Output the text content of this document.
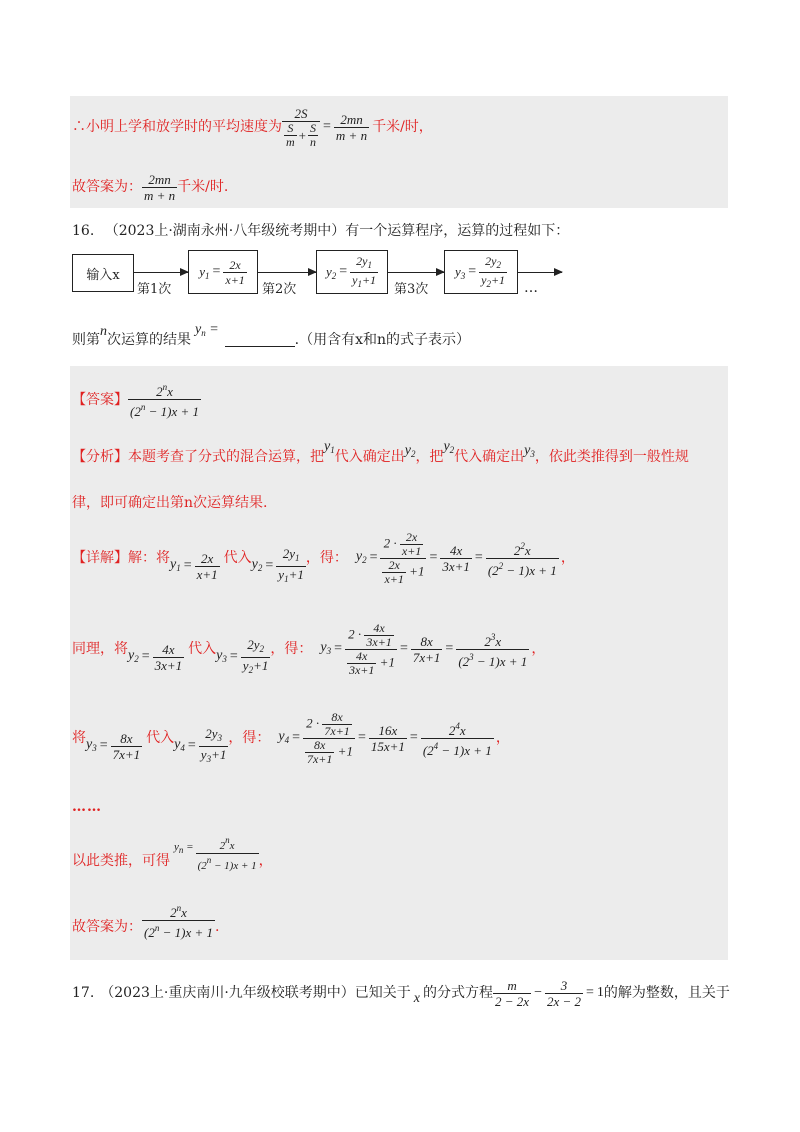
∴小明上学和放学时的平均速度为 $\frac{2S}{\frac{S}{m} + \frac{S}{n}} = \frac{2mn}{m + n}$ 千米/时，
故答案为： $\frac{2mn}{m + n}$ 千米/时.
16. （2023上·湖南永州·八年级统考期中）有一个运算程序，运算的过程如下：
输入x
第1次
$y_1 = \frac{2x}{x+1}$
第2次
$y_2 = \frac{2y_1}{y_1+1}$ 第3次
$y_3 = \frac{2y_2}{y_2+1}$ …
则第
n
次运算的结果
$y_n$ =
.（用含有x和n的式子表示）
【答案】 $\frac{2^nx}{(2^n - 1)x + 1}$
【分析】 本题考查了分式的混合运算，把
$y_1$ 代入确定出 $y_2$ ，把
$y_2$ 代入确定出 $y_3$ ，依此类推得到一般性规
律，即可确定出第n次运算结果.
【详解】 解：将 $y_1 = \frac{2x}{x+1}$ 代入 $y_2 = \frac{2y_1}{y_1+1}$ ，得： $y_2 = \frac{2 \cdot \frac{2x}{x+1}}{\frac{2x}{x+1} +1} = \frac{4x}{3x+1} = \frac{2^2x}{(2^2 - 1)x + 1}$ ，
同理，将 $y_2 = \frac{4x}{3x+1}$ 代入 $y_3 = \frac{2y_2}{y_2+1}$ ，得： $y_3 = \frac{2 \cdot \frac{4x}{3x+1}}{\frac{4x}{3x+1} +1} = \frac{8x}{7x+1} = \frac{2^3x}{(2^3 - 1)x + 1}$ ，
将 $y_3 = \frac{8x}{7x+1}$ 代入 $y_4 = \frac{2y_3}{y_3+1}$ ，得： $y_4 = \frac{2 \cdot \frac{8x}{7x+1}}{\frac{8x}{7x+1} +1} = \frac{16x}{15x+1} = \frac{2^4x}{(2^4 - 1)x + 1}$ ，
……
以此类推，可得
$y_n = \frac{2^nx}{(2^n - 1)x + 1}$ ，
故答案为： $\frac{2^nx}{(2^n - 1)x + 1}$ .
17. （2023上·重庆南川·九年级校联考期中） 已知关于 x 的分式方程 $\frac{m}{2 - 2x} - \frac{3}{2x - 2} = 1$ 的解为整数，且关于
